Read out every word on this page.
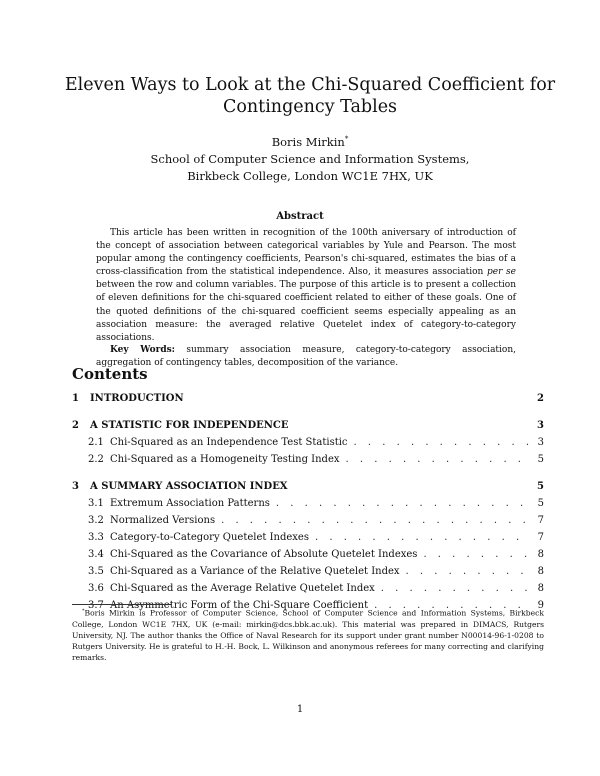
Eleven Ways to Look at the Chi-Squared Coefficient for Contingency Tables
Boris Mirkin*
School of Computer Science and Information Systems,
Birkbeck College, London WC1E 7HX, UK
Abstract
This article has been written in recognition of the 100th aniversary of introduction of the concept of association between categorical variables by Yule and Pearson. The most popular among the contingency coefficients, Pearson's chi-squared, estimates the bias of a cross-classification from the statistical independence. Also, it measures association per se between the row and column variables. The purpose of this article is to present a collection of eleven definitions for the chi-squared coefficient related to either of these goals. One of the quoted definitions of the chi-squared coefficient seems especially appealing as an association measure: the averaged relative Quetelet index of category-to-category associations.
Key Words: summary association measure, category-to-category association, aggregation of contingency tables, decomposition of the variance.
Contents
1	INTRODUCTION	2
2	A STATISTIC FOR INDEPENDENCE	3
2.1 Chi-Squared as an Independence Test Statistic . . .	3
2.2 Chi-Squared as a Homogeneity Testing Index . . .	5
3	A SUMMARY ASSOCIATION INDEX	5
3.1 Extremum Association Patterns . . .	5
3.2 Normalized Versions . . .	7
3.3 Category-to-Category Quetelet Indexes . . .	7
3.4 Chi-Squared as the Covariance of Absolute Quetelet Indexes . . .	8
3.5 Chi-Squared as a Variance of the Relative Quetelet Index . . .	8
3.6 Chi-Squared as the Average Relative Quetelet Index . . .	8
3.7 An Asymmetric Form of the Chi-Square Coefficient . . .	9
*Boris Mirkin is Professor of Computer Science, School of Computer Science and Information Systems, Birkbeck College, London WC1E 7HX, UK (e-mail: mirkin@dcs.bbk.ac.uk). This material was prepared in DIMACS, Rutgers University, NJ. The author thanks the Office of Naval Research for its support under grant number N00014-96-1-0208 to Rutgers University. He is grateful to H.-H. Bock, L. Wilkinson and anonymous referees for many correcting and clarifying remarks.
1
